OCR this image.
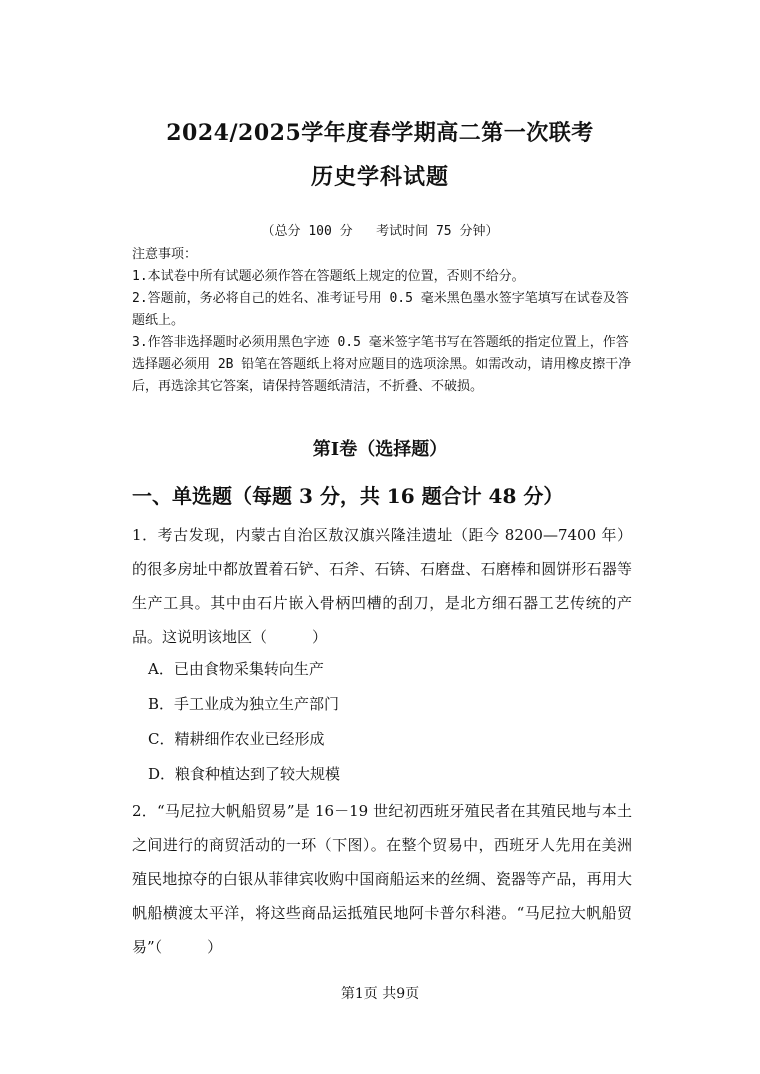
2024/2025学年度春学期高二第一次联考
历史学科试题
（总分 100 分   考试时间 75 分钟）
注意事项：
1.本试卷中所有试题必须作答在答题纸上规定的位置，否则不给分。
2.答题前，务必将自己的姓名、准考证号用 0.5 毫米黑色墨水签字笔填写在试卷及答题纸上。
3.作答非选择题时必须用黑色字迹 0.5 毫米签字笔书写在答题纸的指定位置上，作答选择题必须用 2B 铅笔在答题纸上将对应题目的选项涂黑。如需改动，请用橡皮擦干净后，再选涂其它答案，请保持答题纸清洁，不折叠、不破损。
第Ⅰ卷（选择题）
一、单选题（每题 3 分，共 16 题合计 48 分）
1．考古发现，内蒙古自治区敖汉旗兴隆洼遗址（距今 8200—7400 年）的很多房址中都放置着石铲、石斧、石锛、石磨盘、石磨棒和圆饼形石器等生产工具。其中由石片嵌入骨柄凹槽的刮刀，是北方细石器工艺传统的产品。这说明该地区（　　　）
A．已由食物采集转向生产
B．手工业成为独立生产部门
C．精耕细作农业已经形成
D．粮食种植达到了较大规模
2．“马尼拉大帆船贸易”是 16－19 世纪初西班牙殖民者在其殖民地与本土之间进行的商贸活动的一环（下图）。在整个贸易中，西班牙人先用在美洲殖民地掠夺的白银从菲律宾收购中国商船运来的丝绸、瓷器等产品，再用大帆船横渡太平洋，将这些商品运抵殖民地阿卡普尔科港。“马尼拉大帆船贸易”（　　　）
第1页 共9页
